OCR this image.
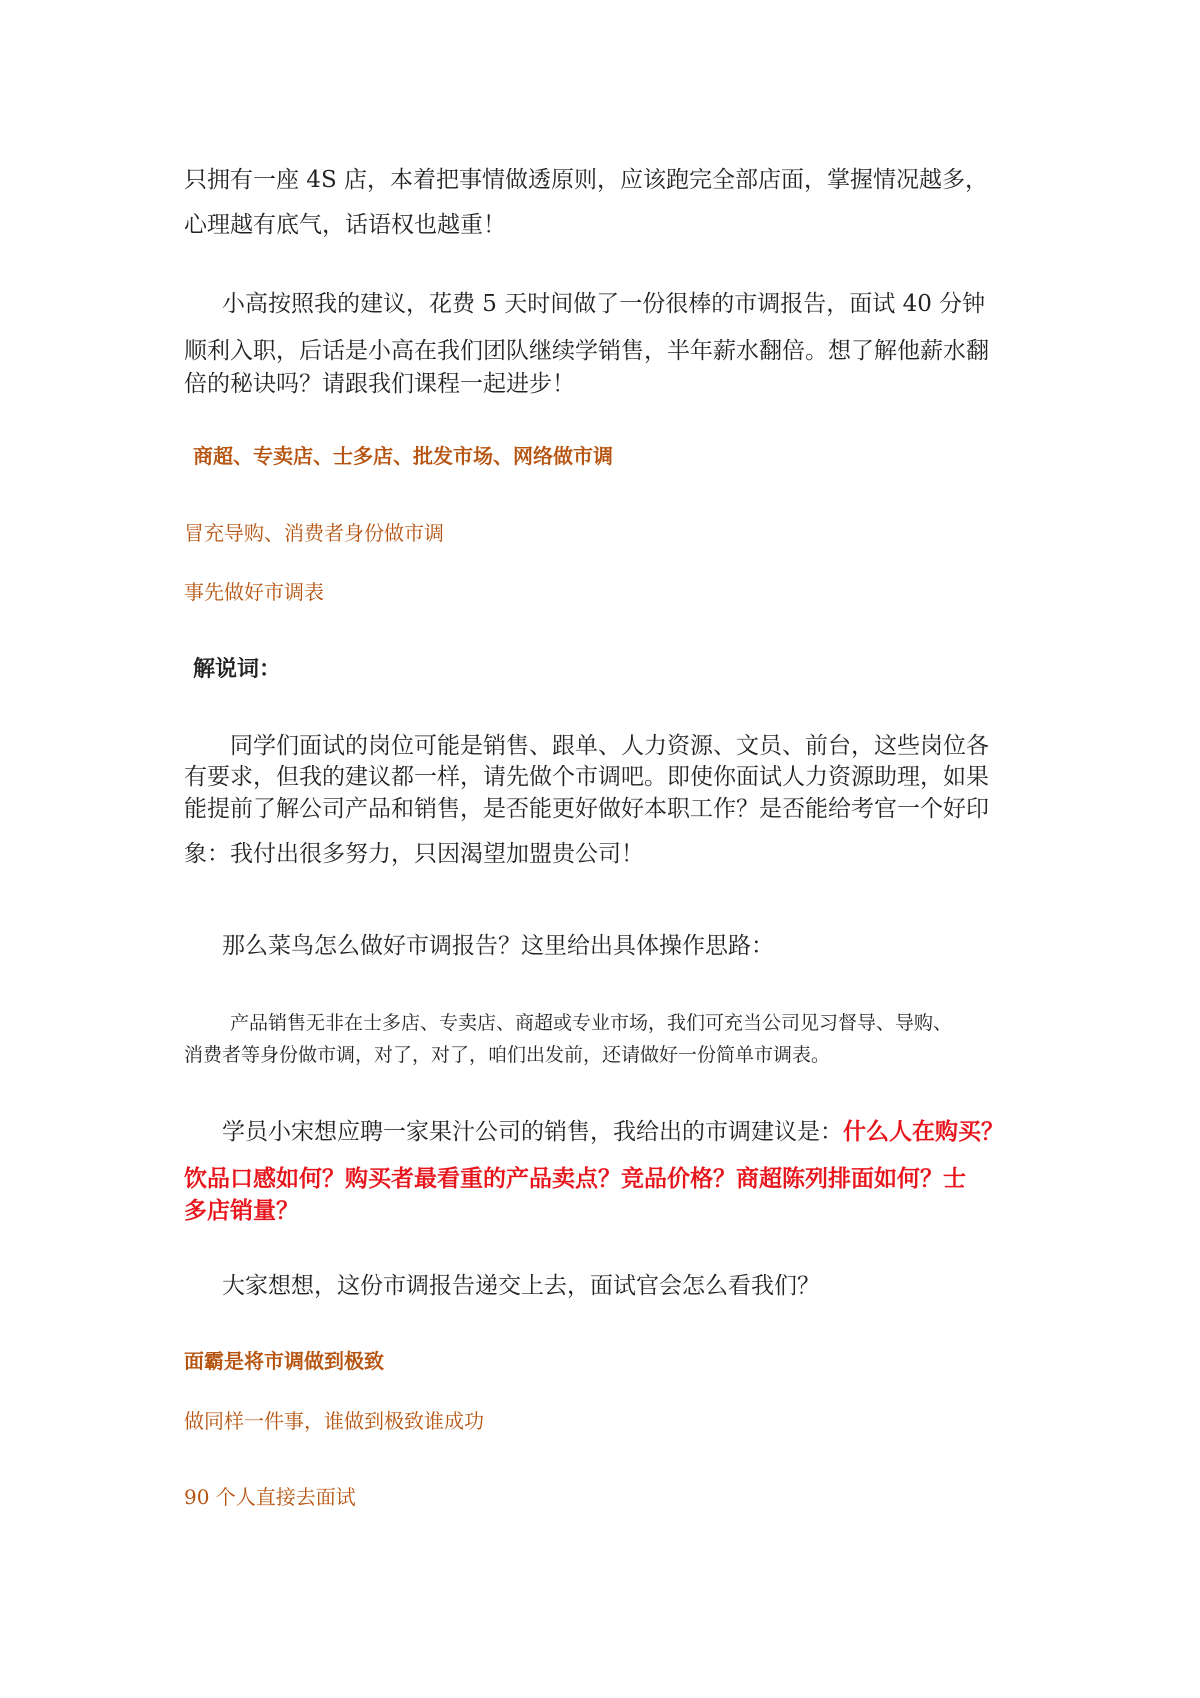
只拥有一座 4S 店，本着把事情做透原则，应该跑完全部店面，掌握情况越多，

心理越有底气，话语权也越重！

小高按照我的建议，花费 5 天时间做了一份很棒的市调报告，面试 40 分钟

顺利入职，后话是小高在我们团队继续学销售，半年薪水翻倍。想了解他薪水翻

倍的秘诀吗？请跟我们课程一起进步！

商超、专卖店、士多店、批发市场、网络做市调

冒充导购、消费者身份做市调

事先做好市调表

解说词：

同学们面试的岗位可能是销售、跟单、人力资源、文员、前台，这些岗位各

有要求，但我的建议都一样，请先做个市调吧。即使你面试人力资源助理，如果

能提前了解公司产品和销售，是否能更好做好本职工作？是否能给考官一个好印

象：我付出很多努力，只因渴望加盟贵公司！

那么菜鸟怎么做好市调报告？这里给出具体操作思路：

产品销售无非在士多店、专卖店、商超或专业市场，我们可充当公司见习督导、导购、

消费者等身份做市调，对了，对了，咱们出发前，还请做好一份简单市调表。

学员小宋想应聘一家果汁公司的销售，我给出的市调建议是：什么人在购买？

饮品口感如何？购买者最看重的产品卖点？竞品价格？商超陈列排面如何？士

多店销量？

大家想想，这份市调报告递交上去，面试官会怎么看我们？

面霸是将市调做到极致

做同样一件事，谁做到极致谁成功

90 个人直接去面试
